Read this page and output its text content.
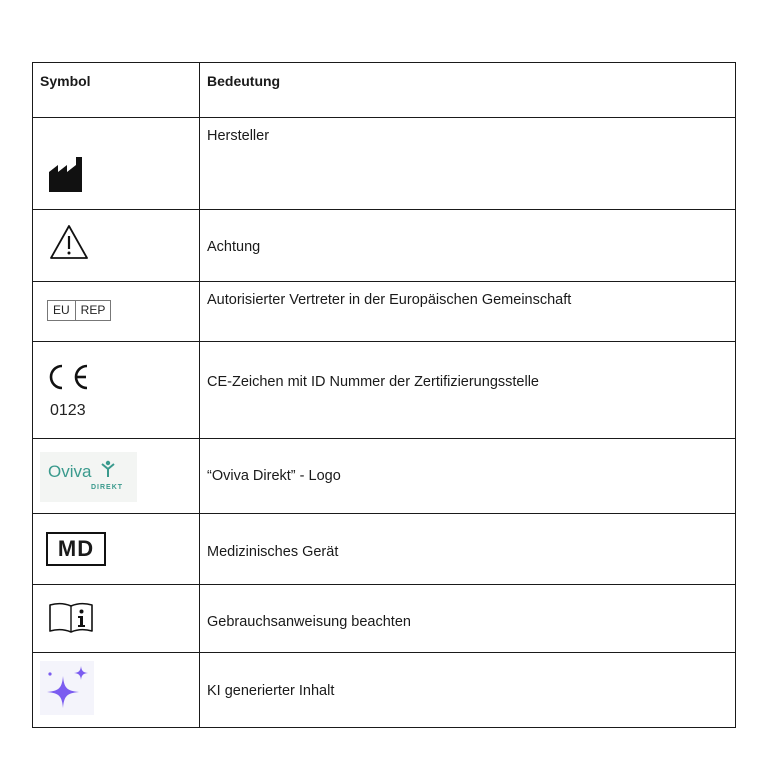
Symbol	Bedeutung

Hersteller

Achtung

EU REP	Autorisierter Vertreter in der Europäischen Gemeinschaft

0123	CE-Zeichen mit ID Nummer der Zertifizierungsstelle

Oviva
DIREKT	“Oviva Direkt” - Logo

MD	Medizinisches Gerät

Gebrauchsanweisung beachten

KI generierter Inhalt
